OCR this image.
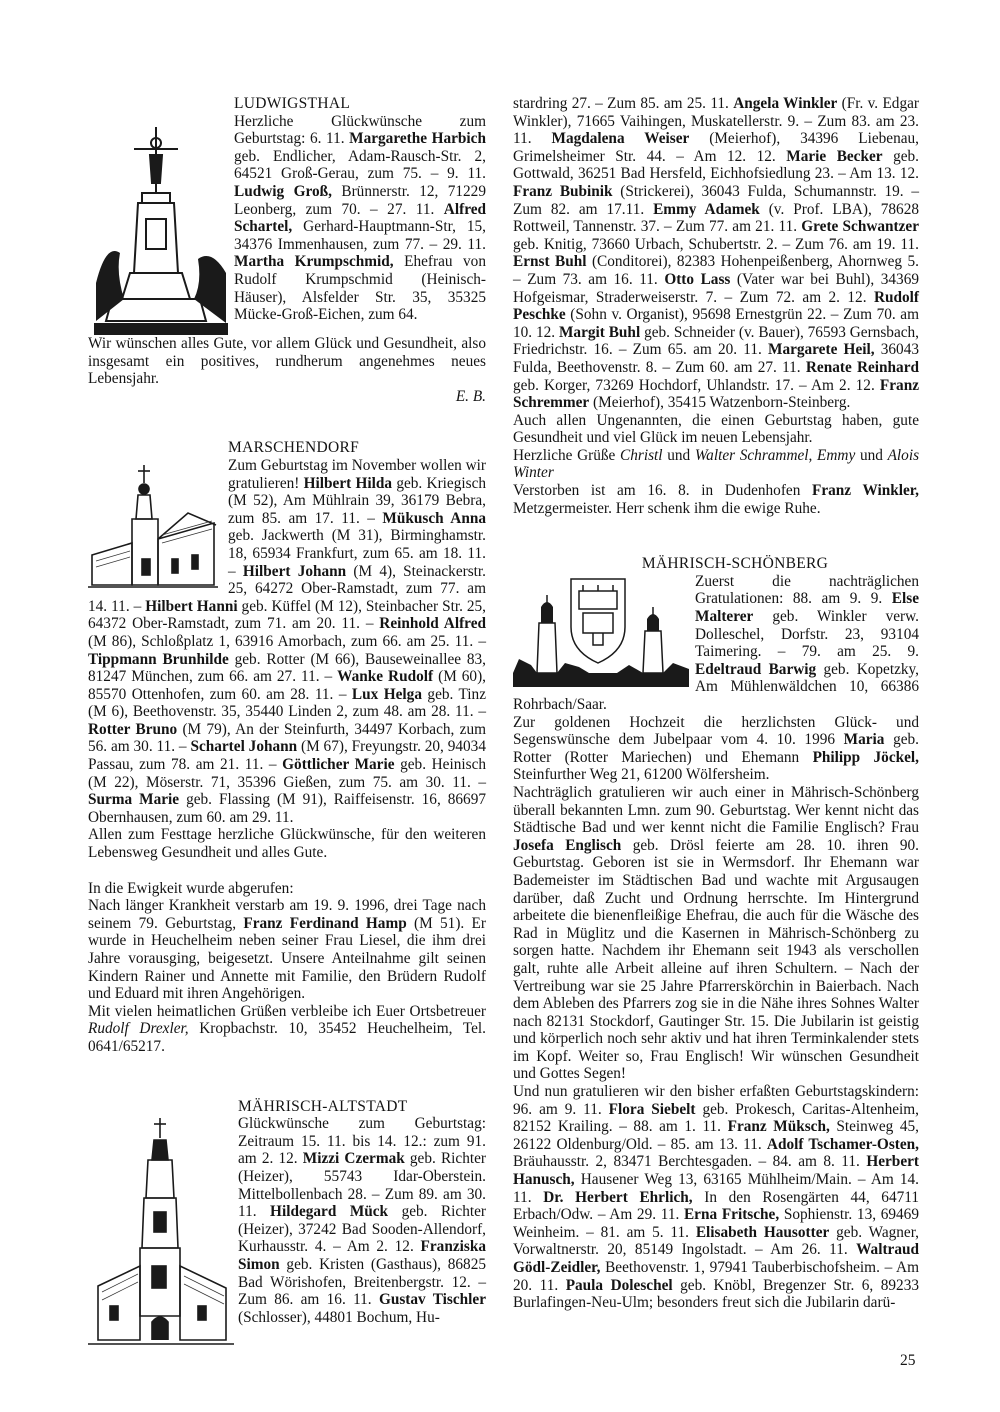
LUDWIGSTHAL

Herzliche Glückwünsche zum Geburtstag: 6. 11. Margarethe Harbich geb. Endlicher, Adam-Rausch-Str. 2, 64521 Groß-Gerau, zum 75. – 9. 11. Ludwig Groß, Brünnerstr. 12, 71229 Leonberg, zum 70. – 27. 11. Alfred Schartel, Gerhard-Hauptmann-Str, 15, 34376 Immenhausen, zum 77. – 29. 11. Martha Krumpschmid, Ehefrau von Rudolf Krumpschmid (Heinisch-Häuser), Alsfelder Str. 35, 35325 Mücke-Groß-Eichen, zum 64.

Wir wünschen alles Gute, vor allem Glück und Gesundheit, also insgesamt ein positives, rundherum angenehmes neues Lebensjahr.

E. B.
MARSCHENDORF

Zum Geburtstag im November wollen wir gratulieren! Hilbert Hilda geb. Kriegisch (M 52), Am Mühlrain 39, 36179 Bebra, zum 85. am 17. 11. – Mükusch Anna geb. Jackwerth (M 31), Birminghamstr. 18, 65934 Frankfurt, zum 65. am 18. 11. – Hilbert Johann (M 4), Steinackerstr. 25, 64272 Ober-Ramstadt, zum 77. am 14. 11. – Hilbert Hanni geb. Küffel (M 12), Steinbacher Str. 25, 64372 Ober-Ramstadt, zum 71. am 20. 11. – Reinhold Alfred (M 86), Schloßplatz 1, 63916 Amorbach, zum 66. am 25. 11. – Tippmann Brunhilde geb. Rotter (M 66), Bauseweinallee 83, 81247 München, zum 66. am 27. 11. – Wanke Rudolf (M 60), 85570 Ottenhofen, zum 60. am 28. 11. – Lux Helga geb. Tinz (M 6), Beethovenstr. 35, 35440 Linden 2, zum 48. am 28. 11. – Rotter Bruno (M 79), An der Steinfurth, 34497 Korbach, zum 56. am 30. 11. – Schartel Johann (M 67), Freyungstr. 20, 94034 Passau, zum 78. am 21. 11. – Göttlicher Marie geb. Heinisch (M 22), Möserstr. 71, 35396 Gießen, zum 75. am 30. 11. – Surma Marie geb. Flassing (M 91), Raiffeisenstr. 16, 86697 Obernhausen, zum 60. am 29. 11.

Allen zum Festtage herzliche Glückwünsche, für den weiteren Lebensweg Gesundheit und alles Gute.

In die Ewigkeit wurde abgerufen:

Nach länger Krankheit verstarb am 19. 9. 1996, drei Tage nach seinem 79. Geburtstag, Franz Ferdinand Hamp (M 51). Er wurde in Heuchelheim neben seiner Frau Liesel, die ihm drei Jahre vorausging, beigesetzt. Unsere Anteilnahme gilt seinen Kindern Rainer und Annette mit Familie, den Brüdern Rudolf und Eduard mit ihren Angehörigen.

Mit vielen heimatlichen Grüßen verbleibe ich Euer Ortsbetreuer Rudolf Drexler, Kropbachstr. 10, 35452 Heuchelheim, Tel. 0641/65217.

MÄHRISCH-ALTSTADT

Glückwünsche zum Geburtstag: Zeitraum 15. 11. bis 14. 12.: zum 91. am 2. 12. Mizzi Czermak geb. Richter (Heizer), 55743 Idar-Oberstein. Mittelbollenbach 28. – Zum 89. am 30. 11. Hildegard Mück geb. Richter (Heizer), 37242 Bad Sooden-Allendorf, Kurhausstr. 4. – Am 2. 12. Franziska Simon geb. Kristen (Gasthaus), 86825 Bad Wörishofen, Breitenbergstr. 12. – Zum 86. am 16. 11. Gustav Tischler (Schlosser), 44801 Bochum, Hu-

stardring 27. – Zum 85. am 25. 11. Angela Winkler (Fr. v. Edgar Winkler), 71665 Vaihingen, Muskatellerstr. 9. – Zum 83. am 23. 11. Magdalena Weiser (Meierhof), 34396 Liebenau, Grimelsheimer Str. 44. – Am 12. 12. Marie Becker geb. Gottwald, 36251 Bad Hersfeld, Eichhofsiedlung 23. – Am 13. 12. Franz Bubinik (Strickerei), 36043 Fulda, Schumannstr. 19. – Zum 82. am 17.11. Emmy Adamek (v. Prof. LBA), 78628 Rottweil, Tannenstr. 37. – Zum 77. am 21. 11. Grete Schwantzer geb. Knitig, 73660 Urbach, Schubertstr. 2. – Zum 76. am 19. 11. Ernst Buhl (Conditorei), 82383 Hohenpeißenberg, Ahornweg 5. – Zum 73. am 16. 11. Otto Lass (Vater war bei Buhl), 34369 Hofgeismar, Straderweiserstr. 7. – Zum 72. am 2. 12. Rudolf Peschke (Sohn v. Organist), 95698 Ernestgrün 22. – Zum 70. am 10. 12. Margit Buhl geb. Schneider (v. Bauer), 76593 Gernsbach, Friedrichstr. 16. – Zum 65. am 20. 11. Margarete Heil, 36043 Fulda, Beethovenstr. 8. – Zum 60. am 27. 11. Renate Reinhard geb. Korger, 73269 Hochdorf, Uhlandstr. 17. – Am 2. 12. Franz Schremmer (Meierhof), 35415 Watzenborn-Steinberg.

Auch allen Ungenannten, die einen Geburtstag haben, gute Gesundheit und viel Glück im neuen Lebensjahr.

Herzliche Grüße Christl und Walter Schrammel, Emmy und Alois Winter

Verstorben ist am 16. 8. in Dudenhofen Franz Winkler, Metzgermeister. Herr schenk ihm die ewige Ruhe.

MÄHRISCH-SCHÖNBERG

Zuerst die nachträglichen Gratulationen: 88. am 9. 9. Else Malterer geb. Winkler verw. Dolleschel, Dorfstr. 23, 93104 Taimering. – 79. am 25. 9. Edeltraud Barwig geb. Kopetzky, Am Mühlenwäldchen 10, 66386 Rohrbach/Saar.

Zur goldenen Hochzeit die herzlichsten Glück- und Segenswünsche dem Jubelpaar vom 4. 10. 1996 Maria geb. Rotter (Rotter Mariechen) und Ehemann Philipp Jöckel, Steinfurther Weg 21, 61200 Wölfersheim.

Nachträglich gratulieren wir auch einer in Mährisch-Schönberg überall bekannten Lmn. zum 90. Geburtstag. Wer kennt nicht das Städtische Bad und wer kennt nicht die Familie Englisch? Frau Josefa Englisch geb. Drösl feierte am 28. 10. ihren 90. Geburtstag. Geboren ist sie in Wermsdorf. Ihr Ehemann war Bademeister im Städtischen Bad und wachte mit Argusaugen darüber, daß Zucht und Ordnung herrschte. Im Hintergrund arbeitete die bienenfleißige Ehefrau, die auch für die Wäsche des Rad in Müglitz und die Kasernen in Mährisch-Schönberg zu sorgen hatte. Nachdem ihr Ehemann seit 1943 als verschollen galt, ruhte alle Arbeit alleine auf ihren Schultern. – Nach der Vertreibung war sie 25 Jahre Pfarrerskörchin in Baierbach. Nach dem Ableben des Pfarrers zog sie in die Nähe ihres Sohnes Walter nach 82131 Stockdorf, Gautinger Str. 15. Die Jubilarin ist geistig und körperlich noch sehr aktiv und hat ihren Terminkalender stets im Kopf. Weiter so, Frau Englisch! Wir wünschen Gesundheit und Gottes Segen!

Und nun gratulieren wir den bisher erfaßten Geburtstagskindern: 96. am 9. 11. Flora Siebelt geb. Prokesch, Caritas-Altenheim, 82152 Krailing. – 88. am 1. 11. Franz Müksch, Steinweg 45, 26122 Oldenburg/Old. – 85. am 13. 11. Adolf Tschamer-Osten, Bräuhausstr. 2, 83471 Berchtesgaden. – 84. am 8. 11. Herbert Hanusch, Hausener Weg 13, 63165 Mühlheim/Main. – Am 14. 11. Dr. Herbert Ehrlich, In den Rosengärten 44, 64711 Erbach/Odw. – Am 29. 11. Erna Fritsche, Sophienstr. 13, 69469 Weinheim. – 81. am 5. 11. Elisabeth Hausotter geb. Wagner, Vorwaltnerstr. 20, 85149 Ingolstadt. – Am 26. 11. Waltraud Gödl-Zeidler, Beethovenstr. 1, 97941 Tauberbischofsheim. – Am 20. 11. Paula Doleschel geb. Knöbl, Bregenzer Str. 6, 89233 Burlafingen-Neu-Ulm; besonders freut sich die Jubilarin darü-

25
